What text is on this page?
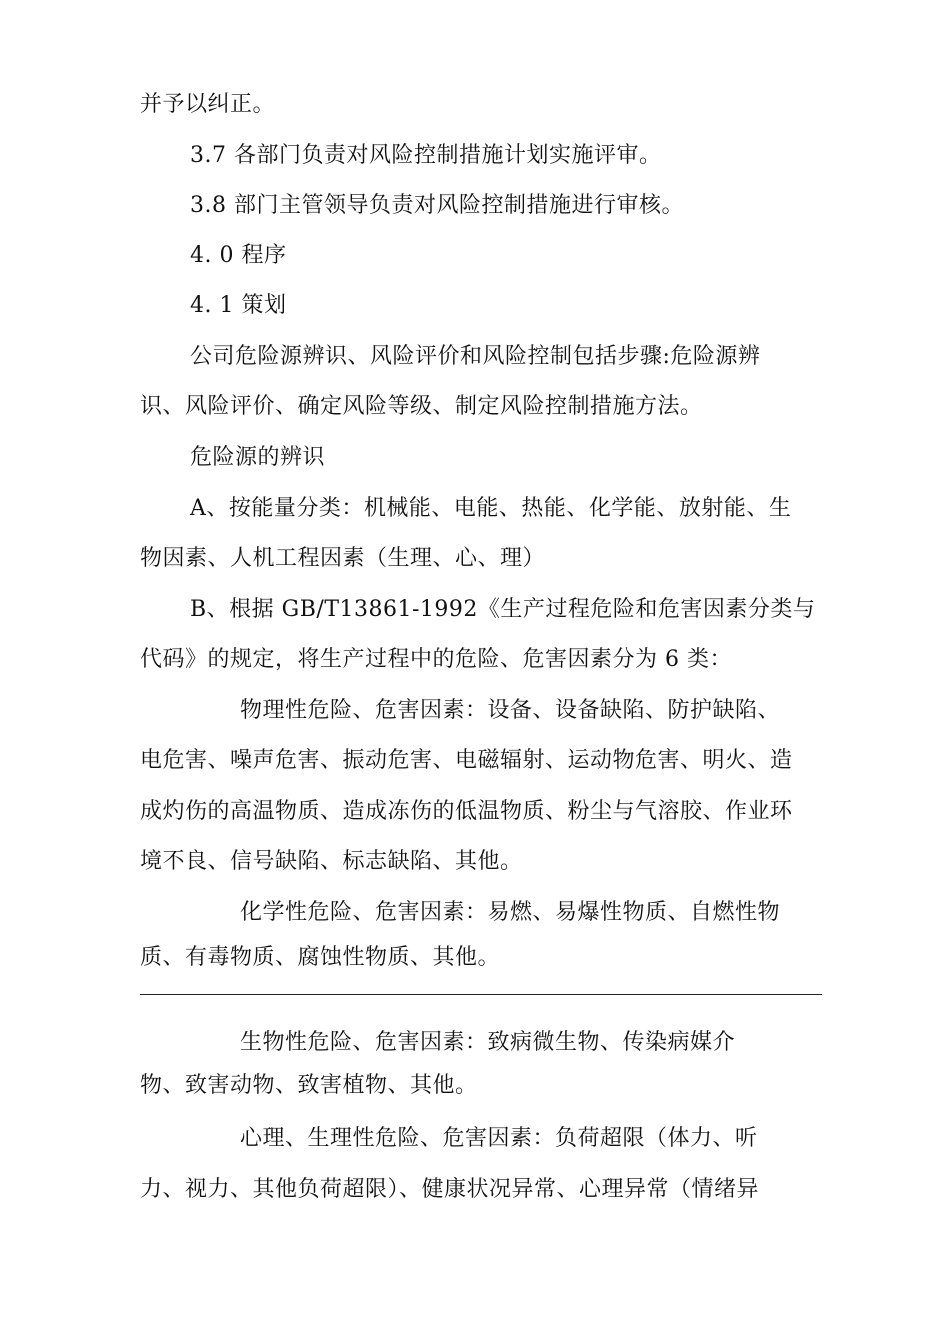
并予以纠正。
3.7 各部门负责对风险控制措施计划实施评审。
3.8 部门主管领导负责对风险控制措施进行审核。
4. 0 程序
4. 1 策划
公司危险源辨识、风险评价和风险控制包括步骤:危险源辨
识、风险评价、确定风险等级、制定风险控制措施方法。
危险源的辨识
A、按能量分类：机械能、电能、热能、化学能、放射能、生
物因素、人机工程因素（生理、心、理）
B、根据 GB/T13861-1992《生产过程危险和危害因素分类与
代码》的规定，将生产过程中的危险、危害因素分为 6 类：
物理性危险、危害因素：设备、设备缺陷、防护缺陷、
电危害、噪声危害、振动危害、电磁辐射、运动物危害、明火、造
成灼伤的高温物质、造成冻伤的低温物质、粉尘与气溶胶、作业环
境不良、信号缺陷、标志缺陷、其他。
化学性危险、危害因素：易燃、易爆性物质、自燃性物
质、有毒物质、腐蚀性物质、其他。
生物性危险、危害因素：致病微生物、传染病媒介
物、致害动物、致害植物、其他。
心理、生理性危险、危害因素：负荷超限（体力、听
力、视力、其他负荷超限）、健康状况异常、心理异常（情绪异
